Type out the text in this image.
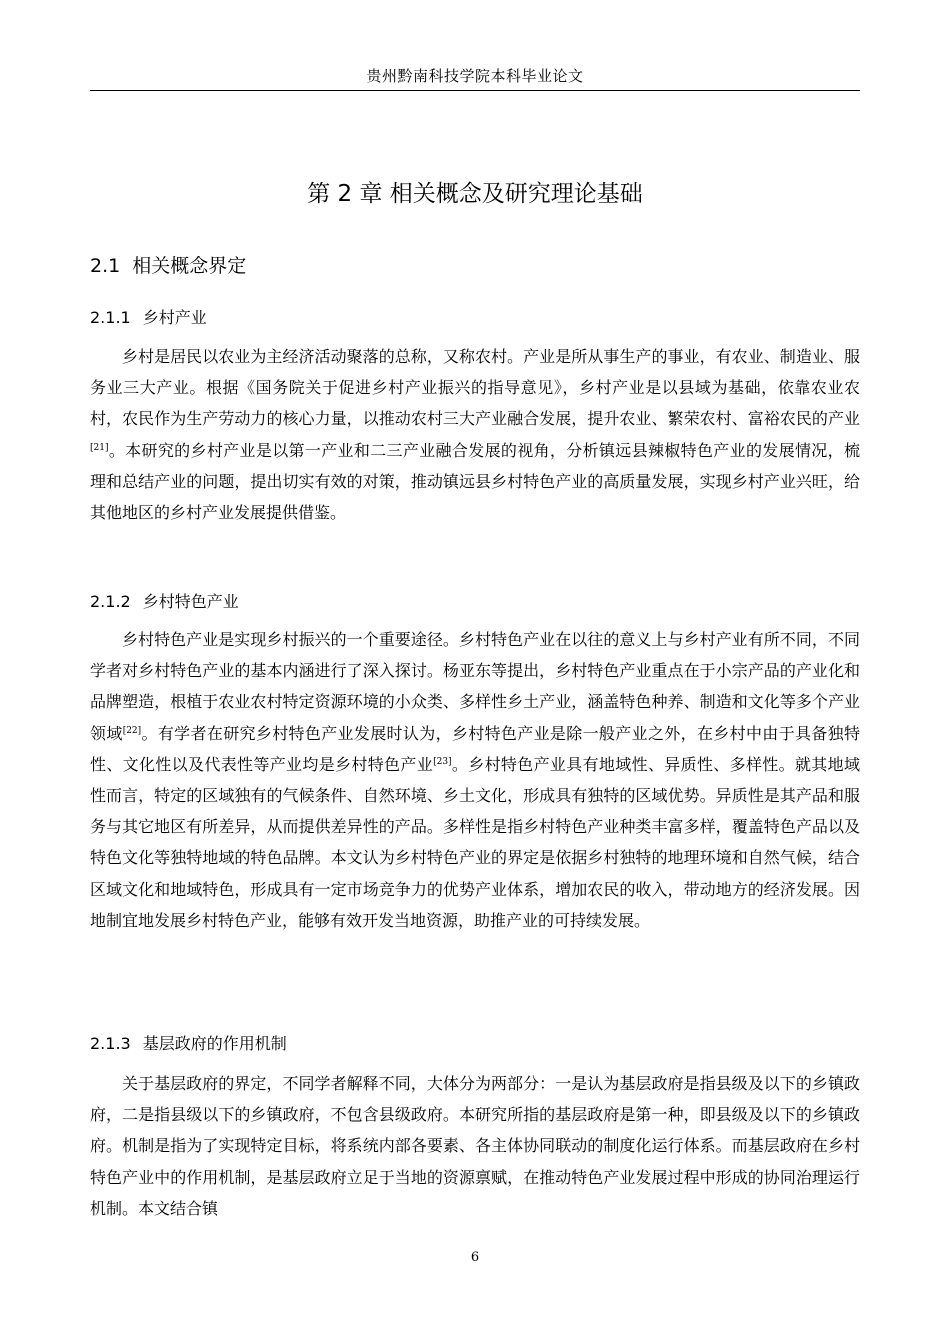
贵州黔南科技学院本科毕业论文
第 2 章 相关概念及研究理论基础
2.1 相关概念界定
2.1.1 乡村产业

乡村是居民以农业为主经济活动聚落的总称，又称农村。产业是所从事生产的事业，有农业、制造业、服务业三大产业。根据《国务院关于促进乡村产业振兴的指导意见》，乡村产业是以县域为基础，依靠农业农村，农民作为生产劳动力的核心力量，以推动农村三大产业融合发展，提升农业、繁荣农村、富裕农民的产业[21]。本研究的乡村产业是以第一产业和二三产业融合发展的视角，分析镇远县辣椒特色产业的发展情况，梳理和总结产业的问题，提出切实有效的对策，推动镇远县乡村特色产业的高质量发展，实现乡村产业兴旺，给其他地区的乡村产业发展提供借鉴。

2.1.2 乡村特色产业

乡村特色产业是实现乡村振兴的一个重要途径。乡村特色产业在以往的意义上与乡村产业有所不同，不同学者对乡村特色产业的基本内涵进行了深入探讨。杨亚东等提出，乡村特色产业重点在于小宗产品的产业化和品牌塑造，根植于农业农村特定资源环境的小众类、多样性乡土产业，涵盖特色种养、制造和文化等多个产业领域[22]。有学者在研究乡村特色产业发展时认为，乡村特色产业是除一般产业之外，在乡村中由于具备独特性、文化性以及代表性等产业均是乡村特色产业[23]。乡村特色产业具有地域性、异质性、多样性。就其地域性而言，特定的区域独有的气候条件、自然环境、乡土文化，形成具有独特的区域优势。异质性是其产品和服务与其它地区有所差异，从而提供差异性的产品。多样性是指乡村特色产业种类丰富多样，覆盖特色产品以及特色文化等独特地域的特色品牌。本文认为乡村特色产业的界定是依据乡村独特的地理环境和自然气候，结合区域文化和地域特色，形成具有一定市场竞争力的优势产业体系，增加农民的收入，带动地方的经济发展。因地制宜地发展乡村特色产业，能够有效开发当地资源，助推产业的可持续发展。

2.1.3 基层政府的作用机制

关于基层政府的界定，不同学者解释不同，大体分为两部分：一是认为基层政府是指县级及以下的乡镇政府，二是指县级以下的乡镇政府，不包含县级政府。本研究所指的基层政府是第一种，即县级及以下的乡镇政府。机制是指为了实现特定目标，将系统内部各要素、各主体协同联动的制度化运行体系。而基层政府在乡村特色产业中的作用机制，是基层政府立足于当地的资源禀赋，在推动特色产业发展过程中形成的协同治理运行机制。本文结合镇

6
